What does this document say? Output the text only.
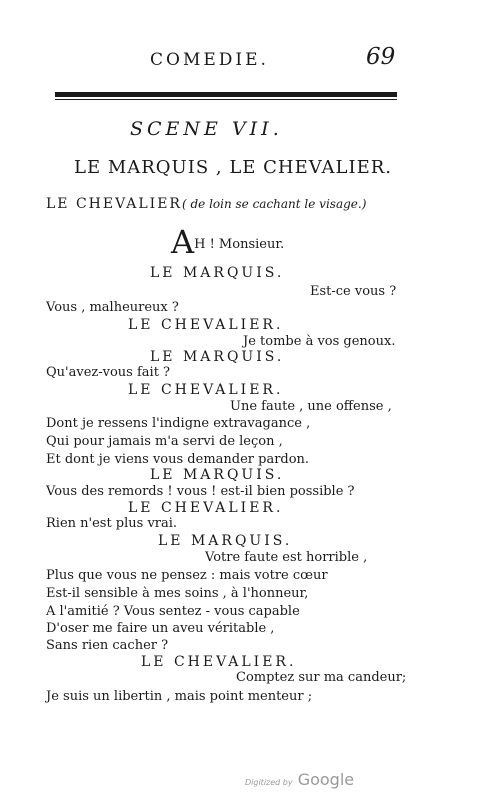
COMEDIE.	69
SCENE VII.
LE MARQUIS , LE CHEVALIER.
LE CHEVALIER( de loin se cachant le visage.)
AH ! Monsieur.
LE MARQUIS.
Est-ce vous ?
Vous , malheureux ?
LE CHEVALIER.
Je tombe à vos genoux.
LE MARQUIS.
Qu'avez-vous fait ?
LE CHEVALIER.
Une faute , une offense ,
Dont je ressens l'indigne extravagance ,
Qui pour jamais m'a servi de leçon ,
Et dont je viens vous demander pardon.
LE MARQUIS.
Vous des remords ! vous ! est-il bien possible ?
LE CHEVALIER.
Rien n'est plus vrai.
LE MARQUIS.
Votre faute est horrible ,
Plus que vous ne pensez : mais votre cœur
Est-il sensible à mes soins , à l'honneur,
A l'amitié ? Vous sentez - vous capable
D'oser me faire un aveu véritable ,
Sans rien cacher ?
LE CHEVALIER.
Comptez sur ma candeur;
Je suis un libertin , mais point menteur ;
Digitized by Google
